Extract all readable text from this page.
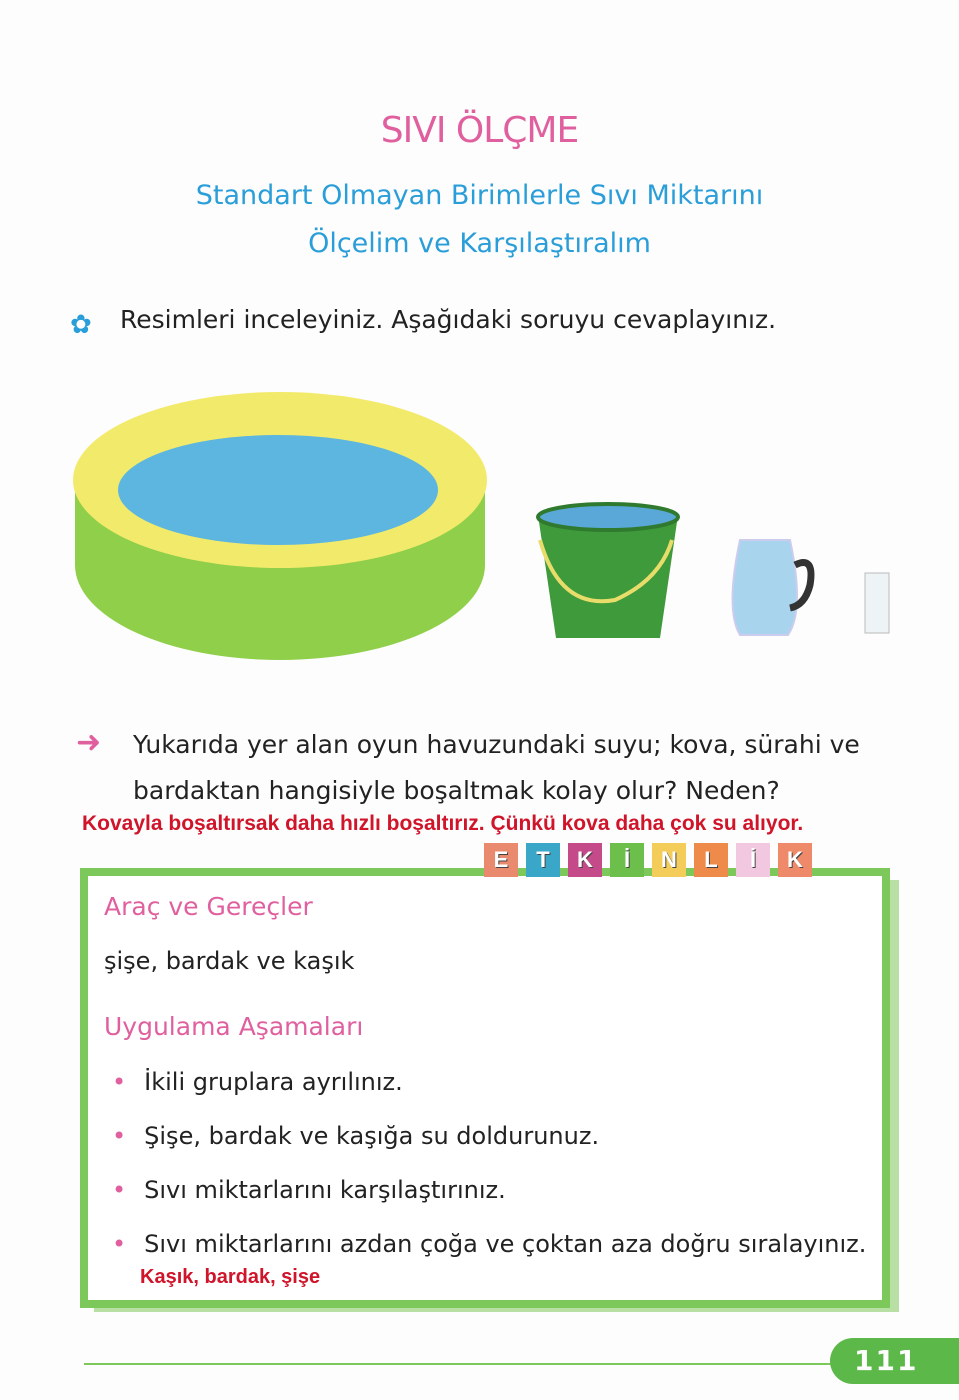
SIVI ÖLÇME
Standart Olmayan Birimlerle Sıvı Miktarını
Ölçelim ve Karşılaştıralım
✿ Resimleri inceleyiniz. Aşağıdaki soruyu cevaplayınız.
➜ Yukarıda yer alan oyun havuzundaki suyu; kova, sürahi ve bardaktan hangisiyle boşaltmak kolay olur? Neden?
Kovayla boşaltırsak daha hızlı boşaltırız. Çünkü kova daha çok su alıyor.
E	T	K	İ	N	L	İ	K
Araç ve Gereçler
şişe, bardak ve kaşık
Uygulama Aşamaları
• İkili gruplara ayrılınız.
• Şişe, bardak ve kaşığa su doldurunuz.
• Sıvı miktarlarını karşılaştırınız.
• Sıvı miktarlarını azdan çoğa ve çoktan aza doğru sıralayınız.
Kaşık, bardak, şişe
111
